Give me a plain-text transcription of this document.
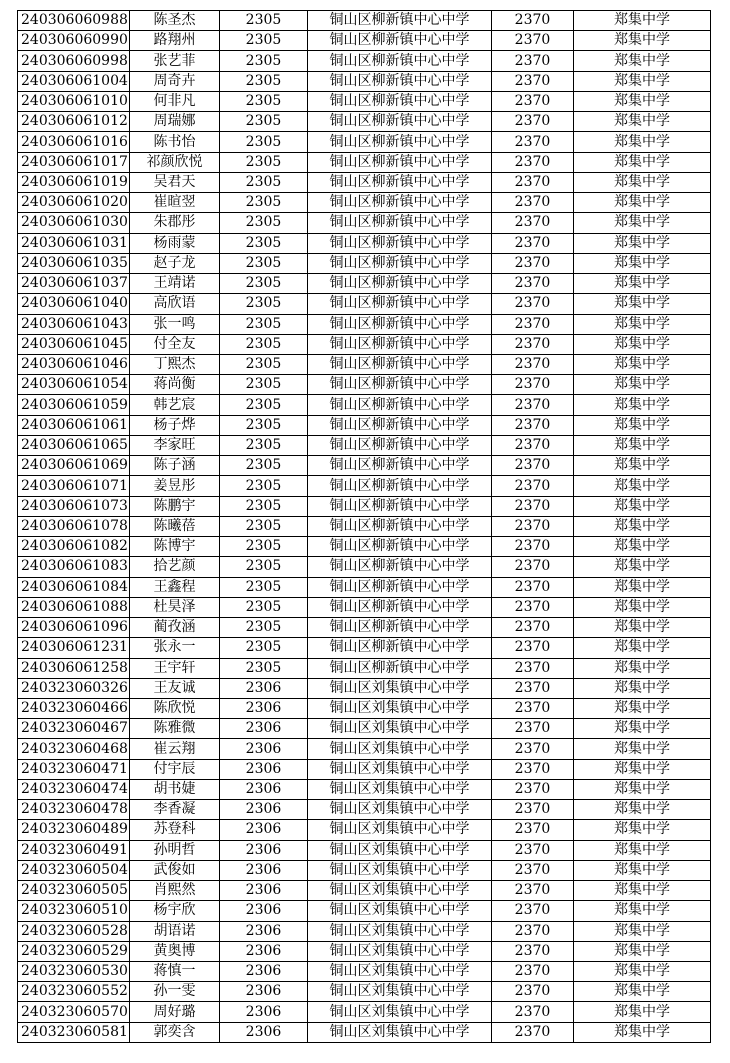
240306060988	陈圣杰	2305	铜山区柳新镇中心中学	2370	郑集中学
240306060990	路翔州	2305	铜山区柳新镇中心中学	2370	郑集中学
240306060998	张艺菲	2305	铜山区柳新镇中心中学	2370	郑集中学
240306061004	周奇卉	2305	铜山区柳新镇中心中学	2370	郑集中学
240306061010	何非凡	2305	铜山区柳新镇中心中学	2370	郑集中学
240306061012	周瑞娜	2305	铜山区柳新镇中心中学	2370	郑集中学
240306061016	陈书怡	2305	铜山区柳新镇中心中学	2370	郑集中学
240306061017	祁颜欣悦	2305	铜山区柳新镇中心中学	2370	郑集中学
240306061019	吴君天	2305	铜山区柳新镇中心中学	2370	郑集中学
240306061020	崔暄翌	2305	铜山区柳新镇中心中学	2370	郑集中学
240306061030	朱郡彤	2305	铜山区柳新镇中心中学	2370	郑集中学
240306061031	杨雨蒙	2305	铜山区柳新镇中心中学	2370	郑集中学
240306061035	赵子龙	2305	铜山区柳新镇中心中学	2370	郑集中学
240306061037	王靖诺	2305	铜山区柳新镇中心中学	2370	郑集中学
240306061040	高欣语	2305	铜山区柳新镇中心中学	2370	郑集中学
240306061043	张一鸣	2305	铜山区柳新镇中心中学	2370	郑集中学
240306061045	付全友	2305	铜山区柳新镇中心中学	2370	郑集中学
240306061046	丁熙杰	2305	铜山区柳新镇中心中学	2370	郑集中学
240306061054	蒋尚衡	2305	铜山区柳新镇中心中学	2370	郑集中学
240306061059	韩艺宸	2305	铜山区柳新镇中心中学	2370	郑集中学
240306061061	杨子烨	2305	铜山区柳新镇中心中学	2370	郑集中学
240306061065	李家旺	2305	铜山区柳新镇中心中学	2370	郑集中学
240306061069	陈子涵	2305	铜山区柳新镇中心中学	2370	郑集中学
240306061071	姜昱彤	2305	铜山区柳新镇中心中学	2370	郑集中学
240306061073	陈鹏宇	2305	铜山区柳新镇中心中学	2370	郑集中学
240306061078	陈曦蓓	2305	铜山区柳新镇中心中学	2370	郑集中学
240306061082	陈博宇	2305	铜山区柳新镇中心中学	2370	郑集中学
240306061083	拾艺颜	2305	铜山区柳新镇中心中学	2370	郑集中学
240306061084	王鑫程	2305	铜山区柳新镇中心中学	2370	郑集中学
240306061088	杜昊泽	2305	铜山区柳新镇中心中学	2370	郑集中学
240306061096	蔺孜涵	2305	铜山区柳新镇中心中学	2370	郑集中学
240306061231	张永一	2305	铜山区柳新镇中心中学	2370	郑集中学
240306061258	王宇轩	2305	铜山区柳新镇中心中学	2370	郑集中学
240323060326	王友诚	2306	铜山区刘集镇中心中学	2370	郑集中学
240323060466	陈欣悦	2306	铜山区刘集镇中心中学	2370	郑集中学
240323060467	陈雅微	2306	铜山区刘集镇中心中学	2370	郑集中学
240323060468	崔云翔	2306	铜山区刘集镇中心中学	2370	郑集中学
240323060471	付宇辰	2306	铜山区刘集镇中心中学	2370	郑集中学
240323060474	胡书婕	2306	铜山区刘集镇中心中学	2370	郑集中学
240323060478	李香凝	2306	铜山区刘集镇中心中学	2370	郑集中学
240323060489	苏登科	2306	铜山区刘集镇中心中学	2370	郑集中学
240323060491	孙明哲	2306	铜山区刘集镇中心中学	2370	郑集中学
240323060504	武俊如	2306	铜山区刘集镇中心中学	2370	郑集中学
240323060505	肖熙然	2306	铜山区刘集镇中心中学	2370	郑集中学
240323060510	杨宇欣	2306	铜山区刘集镇中心中学	2370	郑集中学
240323060528	胡语诺	2306	铜山区刘集镇中心中学	2370	郑集中学
240323060529	黄奥博	2306	铜山区刘集镇中心中学	2370	郑集中学
240323060530	蒋慎一	2306	铜山区刘集镇中心中学	2370	郑集中学
240323060552	孙一雯	2306	铜山区刘集镇中心中学	2370	郑集中学
240323060570	周好璐	2306	铜山区刘集镇中心中学	2370	郑集中学
240323060581	郭奕含	2306	铜山区刘集镇中心中学	2370	郑集中学
